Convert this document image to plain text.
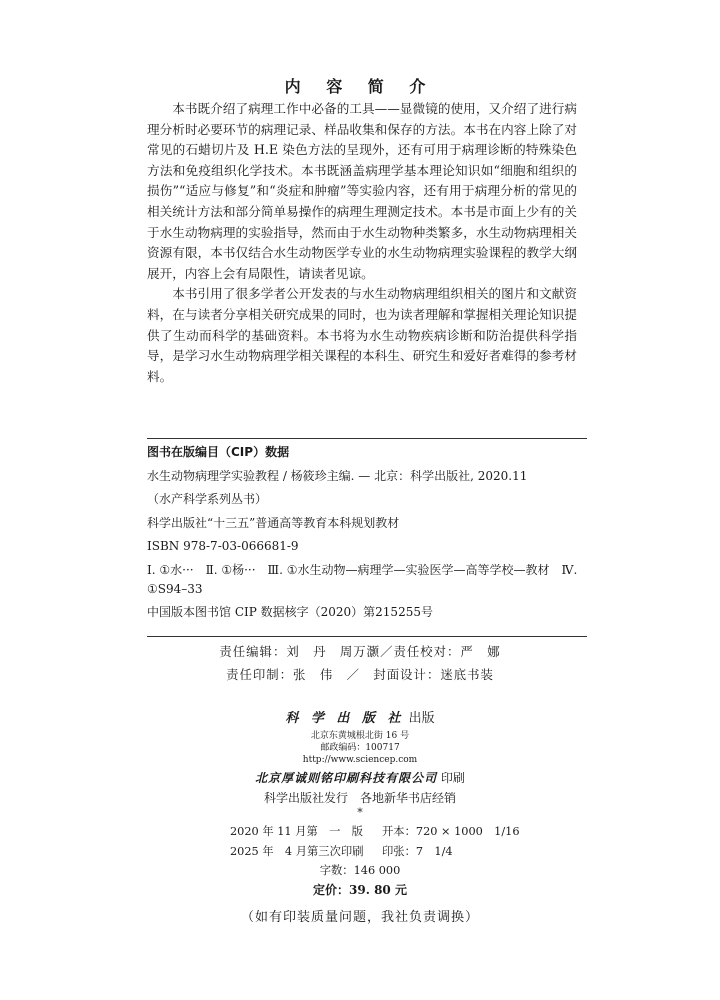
内 容 简 介

本书既介绍了病理工作中必备的工具——显微镜的使用，又介绍了进行病理分析时必要环节的病理记录、样品收集和保存的方法。本书在内容上除了对常见的石蜡切片及 H.E 染色方法的呈现外，还有可用于病理诊断的特殊染色方法和免疫组织化学技术。本书既涵盖病理学基本理论知识如“细胞和组织的损伤”“适应与修复”和“炎症和肿瘤”等实验内容，还有用于病理分析的常见的相关统计方法和部分简单易操作的病理生理测定技术。本书是市面上少有的关于水生动物病理的实验指导，然而由于水生动物种类繁多，水生动物病理相关资源有限，本书仅结合水生动物医学专业的水生动物病理实验课程的教学大纲展开，内容上会有局限性，请读者见谅。

本书引用了很多学者公开发表的与水生动物病理组织相关的图片和文献资料，在与读者分享相关研究成果的同时，也为读者理解和掌握相关理论知识提供了生动而科学的基础资料。本书将为水生动物疾病诊断和防治提供科学指导，是学习水生动物病理学相关课程的本科生、研究生和爱好者难得的参考材料。

图书在版编目（CIP）数据
水生动物病理学实验教程 / 杨筱珍主编. — 北京：科学出版社, 2020.11
（水产科学系列丛书）
科学出版社“十三五”普通高等教育本科规划教材
ISBN 978-7-03-066681-9
Ⅰ. ①水···　Ⅱ. ①杨···　Ⅲ. ①水生动物—病理学—实验医学—高等学校—教材　Ⅳ. ①S94–33
中国版本图书馆 CIP 数据核字（2020）第215255号
责任编辑：刘　丹　周万灏／责任校对：严　娜
责任印制：张　伟　／　封面设计：迷底书装
科 学 出 版 社 出版
北京东黄城根北街 16 号
邮政编码：100717
http://www.sciencep.com
北京厚诚则铭印刷科技有限公司 印刷
科学出版社发行　各地新华书店经销
*
2020 年 11 月第　一　版 开本：720 × 1000　1/16
2025 年　4 月第三次印刷 印张：7　1/4
字数：146 000
定价：39. 80 元
（如有印装质量问题，我社负责调换）
